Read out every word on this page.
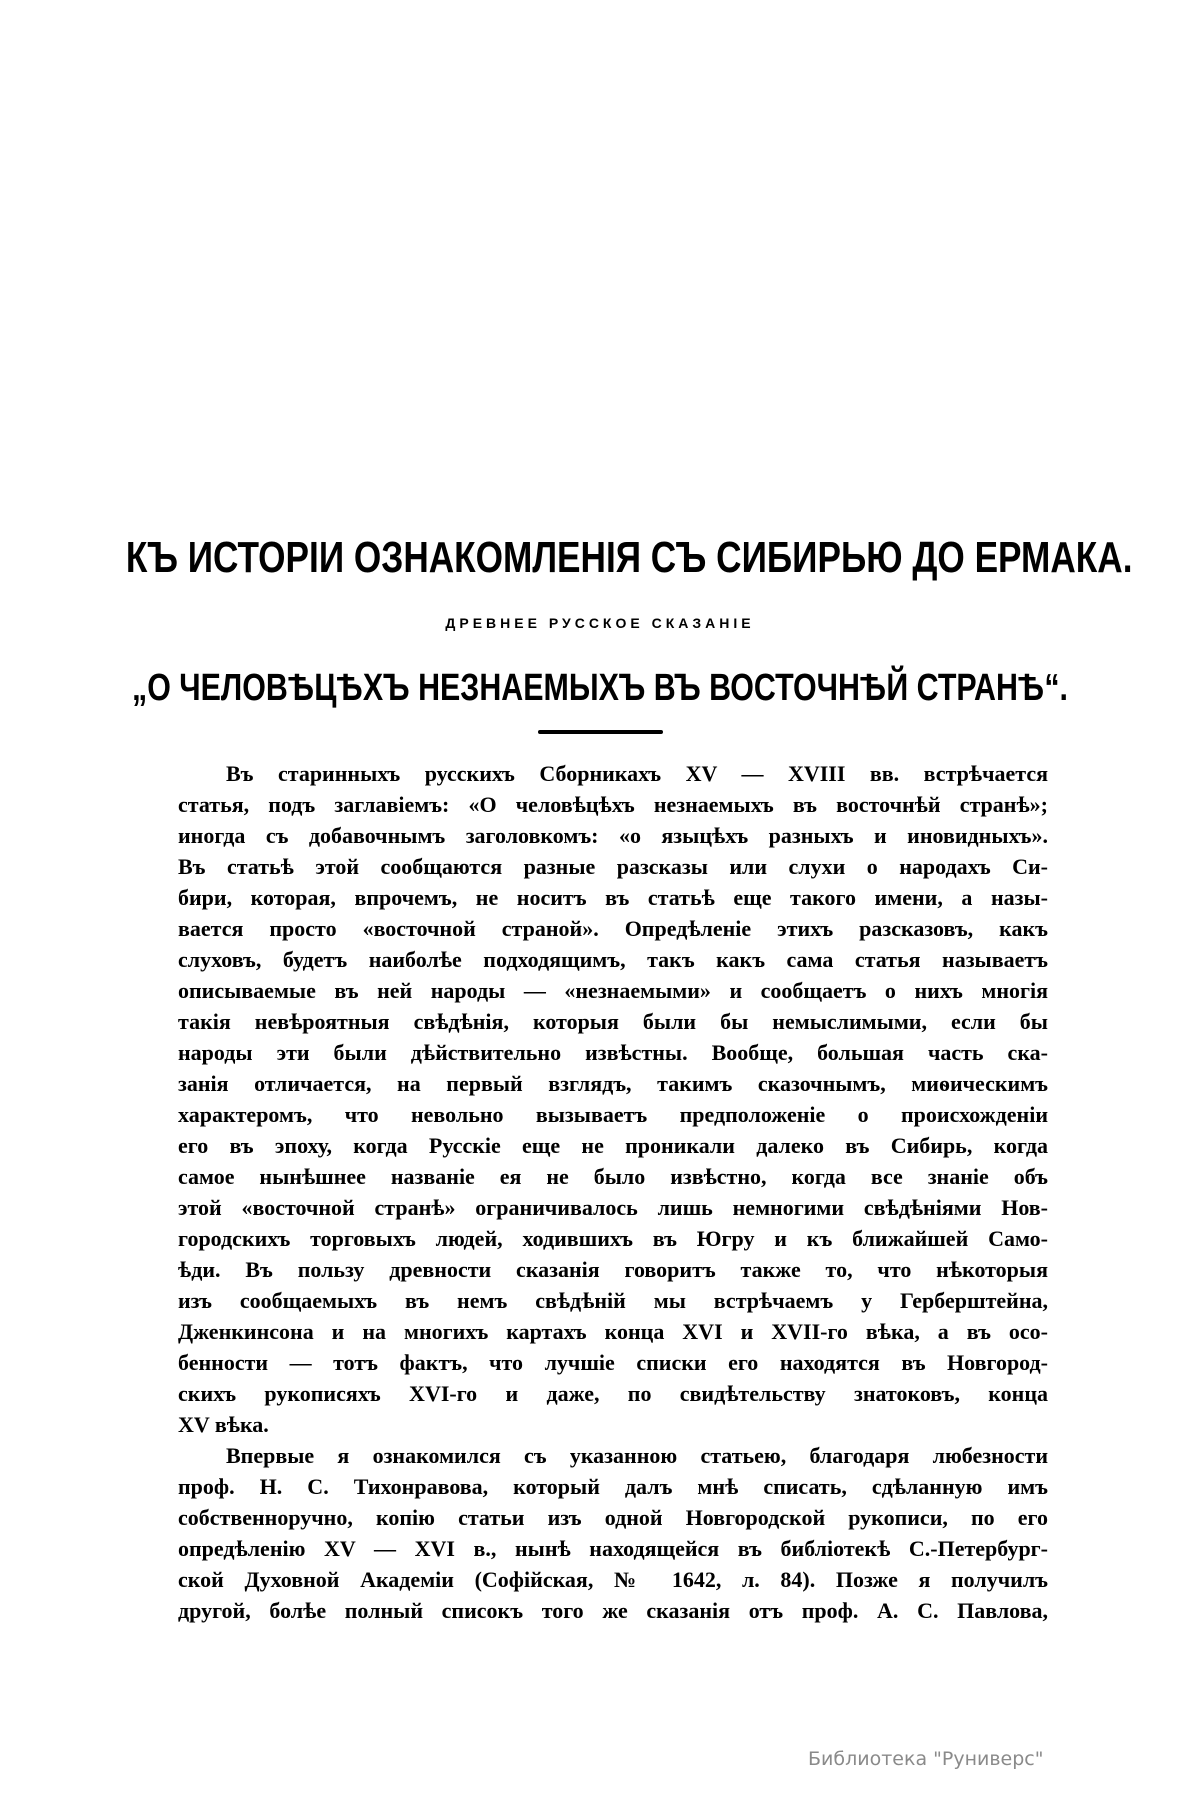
КЪ ИСТОРІИ ОЗНАКОМЛЕНІЯ СЪ СИБИРЬЮ ДО ЕРМАКА.
ДРЕВНЕЕ РУССКОЕ СКАЗАНІЕ
„О ЧЕЛОВѢЦѢХЪ НЕЗНАЕМЫХЪ ВЪ ВОСТОЧНѢЙ СТРАНѢ“.
Въ старинныхъ русскихъ Сборникахъ XV — XVIII вв. встрѣчается
статья, подъ заглавіемъ: «О человѣцѣхъ незнаемыхъ въ восточнѣй странѣ»;
иногда съ добавочнымъ заголовкомъ: «о языцѣхъ разныхъ и иновидныхъ».
Въ статьѣ этой сообщаются разные разсказы или слухи о народахъ Си-
бири, которая, впрочемъ, не носитъ въ статьѣ еще такого имени, а назы-
вается просто «восточной страной». Опредѣленіе этихъ разсказовъ, какъ
слуховъ, будетъ наиболѣе подходящимъ, такъ какъ сама статья называетъ
описываемые въ ней народы — «незнаемыми» и сообщаетъ о нихъ многія
такія невѣроятныя свѣдѣнія, которыя были бы немыслимыми, если бы
народы эти были дѣйствительно извѣстны. Вообще, большая часть ска-
занія отличается, на первый взглядъ, такимъ сказочнымъ, миѳическимъ
характеромъ, что невольно вызываетъ предположеніе о происхожденіи
его въ эпоху, когда Русскіе еще не проникали далеко въ Сибирь, когда
самое нынѣшнее названіе ея не было извѣстно, когда все знаніе объ
этой «восточной странѣ» ограничивалось лишь немногими свѣдѣніями Нов-
городскихъ торговыхъ людей, ходившихъ въ Югру и къ ближайшей Само-
ѣди. Въ пользу древности сказанія говоритъ также то, что нѣкоторыя
изъ сообщаемыхъ въ немъ свѣдѣній мы встрѣчаемъ у Герберштейна,
Дженкинсона и на многихъ картахъ конца XVI и XVII-го вѣка, а въ осо-
бенности — тотъ фактъ, что лучшіе списки его находятся въ Новгород-
скихъ рукописяхъ XVI-го и даже, по свидѣтельству знатоковъ, конца
XV вѣка.
Впервые я ознакомился съ указанною статьею, благодаря любезности
проф. Н. С. Тихонравова, который далъ мнѣ списать, сдѣланную имъ
собственноручно, копію статьи изъ одной Новгородской рукописи, по его
опредѣленію XV — XVI в., нынѣ находящейся въ библіотекѣ С.-Петербург-
ской Духовной Академіи (Софійская, № 1642, л. 84). Позже я получилъ
другой, болѣе полный списокъ того же сказанія отъ проф. А. С. Павлова,
Библиотека "Руниверс"
